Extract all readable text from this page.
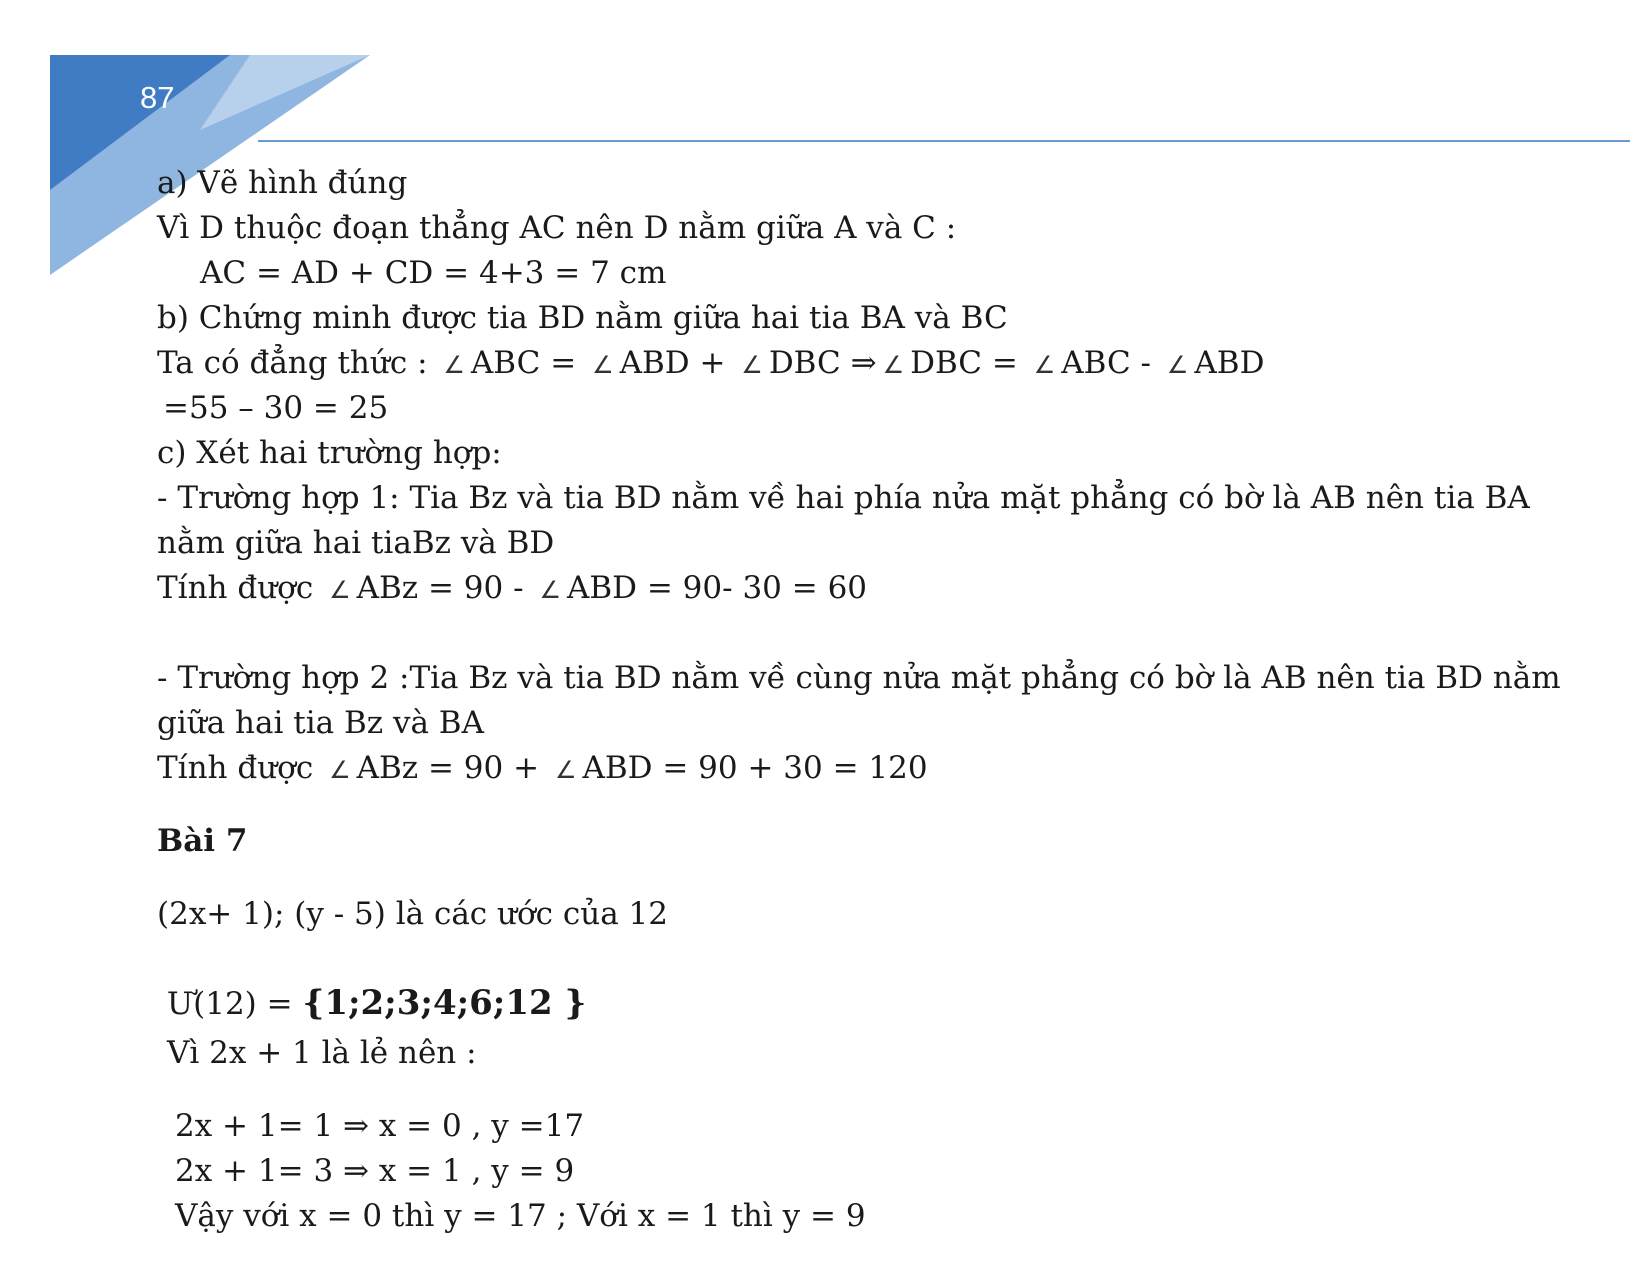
87
a) Vẽ hình đúng
Vì D thuộc đoạn thẳng AC nên D nằm giữa A và C :
AC = AD + CD = 4+3 = 7 cm
b) Chứng minh được tia BD nằm giữa hai tia BA và BC
Ta có đẳng thức : ∠ ABC = ∠ ABD + ∠ DBC ⇒ ∠ DBC = ∠ ABC - ∠ ABD
=55 – 30 = 25
c) Xét hai trường hợp:
- Trường hợp 1: Tia Bz và tia BD nằm về hai phía nửa mặt phẳng có bờ là AB nên tia BA
nằm giữa hai tiaBz và BD
Tính được ∠ ABz = 90 - ∠ ABD = 90- 30 = 60
- Trường hợp 2 :Tia Bz và tia BD nằm về cùng nửa mặt phẳng có bờ là AB nên tia BD nằm
giữa hai tia Bz và BA
Tính được ∠ ABz = 90 + ∠ ABD = 90 + 30 = 120
Bài 7
(2x+ 1); (y - 5) là các ước của 12
Ư(12) = {1;2;3;4;6;12 }
Vì 2x + 1 là lẻ nên :
2x + 1= 1 ⇒ x = 0 , y =17
2x + 1= 3 ⇒ x = 1 , y = 9
Vậy với x = 0 thì y = 17 ; Với x = 1 thì y = 9
